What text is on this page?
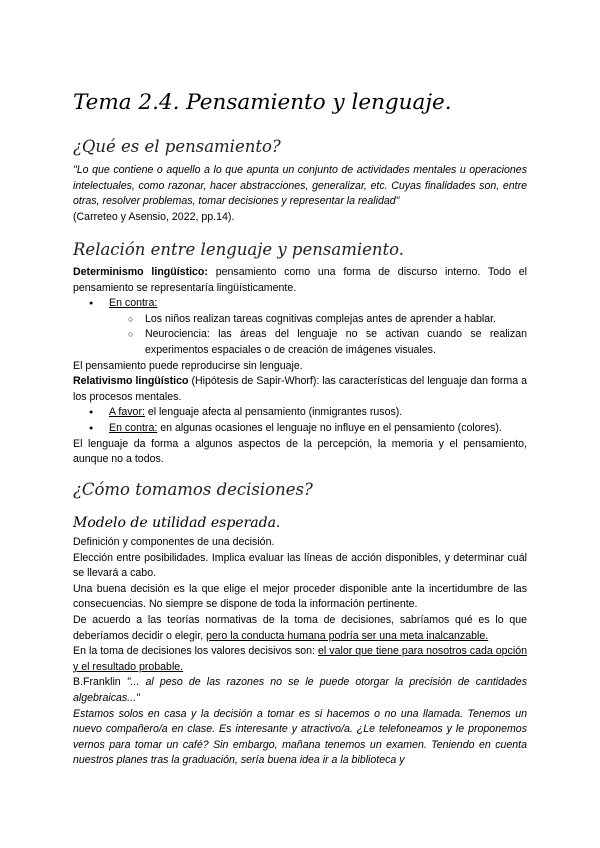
Tema 2.4. Pensamiento y lenguaje.
¿Qué es el pensamiento?

"Lo que contiene o aquello a lo que apunta un conjunto de actividades mentales u operaciones intelectuales, como razonar, hacer abstracciones, generalizar, etc. Cuyas finalidades son, entre otras, resolver problemas, tomar decisiones y representar la realidad"

(Carreteo y Asensio, 2022, pp.14).

Relación entre lenguaje y pensamiento.

Determinismo lingüístico: pensamiento como una forma de discurso interno. Todo el pensamiento se representaría lingüísticamente.

● En contra:
○ Los niños realizan tareas cognitivas complejas antes de aprender a hablar.
○ Neurociencia: las áreas del lenguaje no se activan cuando se realizan experimentos espaciales o de creación de imágenes visuales.

El pensamiento puede reproducirse sin lenguaje.

Relativismo lingüístico (Hipótesis de Sapir-Whorf): las características del lenguaje dan forma a los procesos mentales.

● A favor: el lenguaje afecta al pensamiento (inmigrantes rusos).
● En contra: en algunas ocasiones el lenguaje no influye en el pensamiento (colores).

El lenguaje da forma a algunos aspectos de la percepción, la memoria y el pensamiento, aunque no a todos.

¿Cómo tomamos decisiones?
Modelo de utilidad esperada.

Definición y componentes de una decisión.

Elección entre posibilidades. Implica evaluar las líneas de acción disponibles, y determinar cuál se llevará a cabo.

Una buena decisión es la que elige el mejor proceder disponible ante la incertidumbre de las consecuencias. No siempre se dispone de toda la información pertinente.

De acuerdo a las teorías normativas de la toma de decisiones, sabríamos qué es lo que deberíamos decidir o elegir, pero la conducta humana podría ser una meta inalcanzable.

En la toma de decisiones los valores decisivos son: el valor que tiene para nosotros cada opción y el resultado probable.

B.Franklin "... al peso de las razones no se le puede otorgar la precisión de cantidades algebraicas..."

Estamos solos en casa y la decisión a tomar es si hacemos o no una llamada. Tenemos un nuevo compañero/a en clase. Es interesante y atractivo/a. ¿Le telefoneamos y le proponemos vernos para tomar un café? Sin embargo, mañana tenemos un examen. Teniendo en cuenta nuestros planes tras la graduación, sería buena idea ir a la biblioteca y
